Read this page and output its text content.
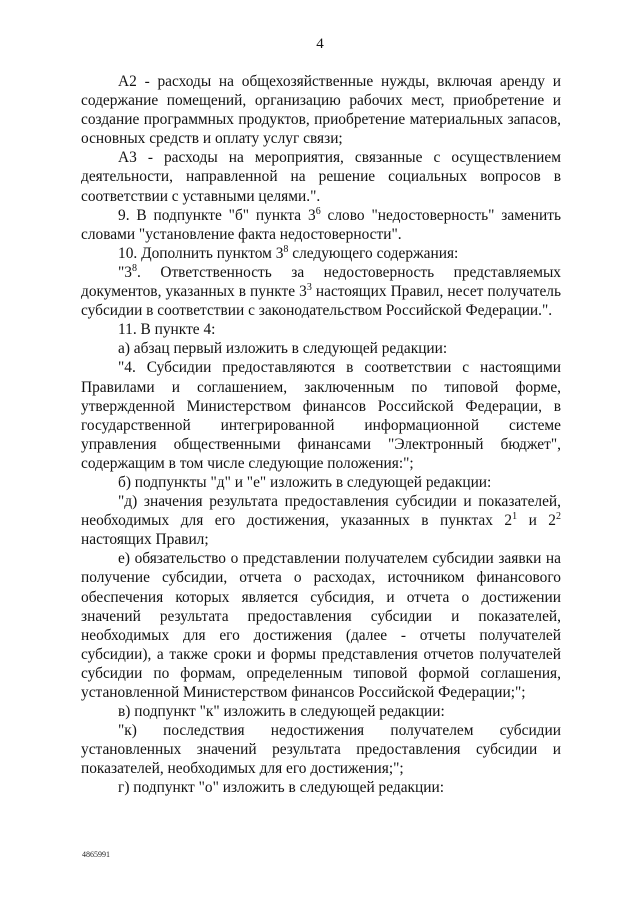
4

А2 - расходы на общехозяйственные нужды, включая аренду и содержание помещений, организацию рабочих мест, приобретение и создание программных продуктов, приобретение материальных запасов, основных средств и оплату услуг связи;

А3 - расходы на мероприятия, связанные с осуществлением деятельности, направленной на решение социальных вопросов в соответствии с уставными целями.".

9. В подпункте "б" пункта $3^6$ слово "недостоверность" заменить словами "установление факта недостоверности".

10. Дополнить пунктом $3^8$ следующего содержания:

"$3^8$. Ответственность за недостоверность представляемых документов, указанных в пункте $3^3$ настоящих Правил, несет получатель субсидии в соответствии с законодательством Российской Федерации.".

11. В пункте 4:

а) абзац первый изложить в следующей редакции:

"4. Субсидии предоставляются в соответствии с настоящими Правилами и соглашением, заключенным по типовой форме, утвержденной Министерством финансов Российской Федерации, в государственной интегрированной информационной системе управления общественными финансами "Электронный бюджет", содержащим в том числе следующие положения:";

б) подпункты "д" и "е" изложить в следующей редакции:

"д) значения результата предоставления субсидии и показателей, необходимых для его достижения, указанных в пунктах $2^1$ и $2^2$ настоящих Правил;

е) обязательство о представлении получателем субсидии заявки на получение субсидии, отчета о расходах, источником финансового обеспечения которых является субсидия, и отчета о достижении значений результата предоставления субсидии и показателей, необходимых для его достижения (далее - отчеты получателей субсидии), а также сроки и формы представления отчетов получателей субсидии по формам, определенным типовой формой соглашения, установленной Министерством финансов Российской Федерации;";

в) подпункт "к" изложить в следующей редакции:

"к) последствия недостижения получателем субсидии установленных значений результата предоставления субсидии и показателей, необходимых для его достижения;";

г) подпункт "о" изложить в следующей редакции:

4865991
